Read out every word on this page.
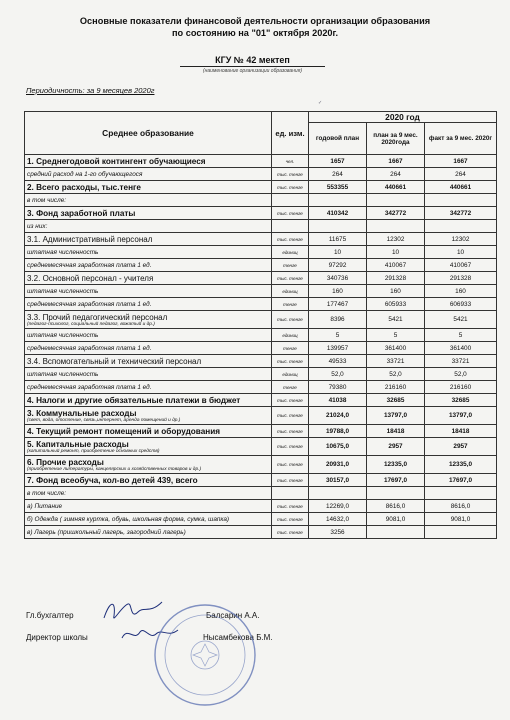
Основные показатели финансовой деятельности организации образования
по состоянию на "01" октября 2020г.
КГУ № 42 мектеп
(наименование организации образования)
✓
Периодичность: за 9 месяцев 2020г
Среднее образование	ед. изм.	2020 год		
		годовой план	план за 9 мес. 2020года	факт за 9 мес. 2020г
1. Среднегодовой контингент обучающиеся	чел.	1657	1667	1667
средний расход на 1-го обучающегося	тыс. тенге	264	264	264
2. Всего расходы, тыс.тенге	тыс. тенге	553355	440661	440661
в том числе:				
3. Фонд заработной платы	тыс. тенге	410342	342772	342772
из них:				
3.1. Административный персонал	тыс. тенге	11675	12302	12302
штатная численность	единиц	10	10	10
среднемесячная заработная плата 1 ед.	тенге	97292	410067	410067
3.2. Основной персонал - учителя	тыс. тенге	340736	291328	291328
штатная численность	единиц	160	160	160
среднемесячная заработная плата 1 ед.	тенге	177467	605933	606933
3.3. Прочий педагогический персонал
(педагог-психолог, социальный педагог, вожатый и др.)	тыс. тенге	8396	5421	5421
штатная численность	единиц	5	5	5
среднемесячная заработная плата 1 ед.	тенге	139957	361400	361400
3.4. Вспомогательный и технический персонал	тыс. тенге	49533	33721	33721
штатная численность	единиц	52,0	52,0	52,0
среднемесячная заработная плата 1 ед.	тенге	79380	216160	216160
4. Налоги и другие обязательные платежи в бюджет	тыс. тенге	41038	32685	32685
3. Коммунальные расходы
(свет, вода, отопление, связь,интернет, аренда помещений и др.)	тыс. тенге	21024,0	13797,0	13797,0
4. Текущий ремонт помещений и оборудования	тыс. тенге	19788,0	18418	18418
5. Капитальные расходы
(капитальный ремонт, приобретение основных средств)	тыс. тенге	10675,0	2957	2957
6. Прочие расходы
(приобретение литературы, канцелярских и хозяйственных товаров и др.)	тыс. тенге	20931,0	12335,0	12335,0
7. Фонд всеобуча, кол-во детей 439, всего	тыс. тенге	30157,0	17697,0	17697,0
в том числе:				
а) Питание	тыс. тенге	12269,0	8616,0	8616,0
б) Одежда ( зимняя куртка, обувь, школьная форма, сумка, шапка)	тыс. тенге	14632,0	9081,0	9081,0
в) Лагерь (пришкольный лагерь, загородний лагерь)	тыс. тенге	3256		
Гл.бухгалтер	Балсарин А.А.
Директор школы	Нысамбекова Б.М.
